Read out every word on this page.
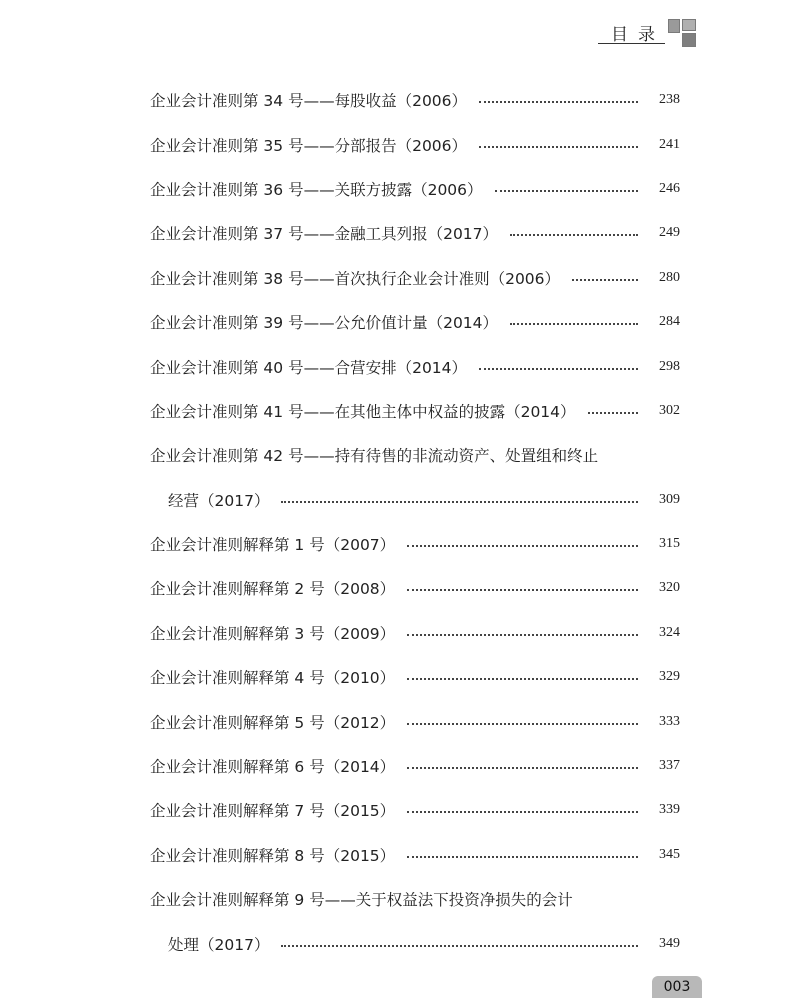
目录
企业会计准则第 34 号——每股收益（2006）	238
企业会计准则第 35 号——分部报告（2006）	241
企业会计准则第 36 号——关联方披露（2006）	246
企业会计准则第 37 号——金融工具列报（2017）	249
企业会计准则第 38 号——首次执行企业会计准则（2006）	280
企业会计准则第 39 号——公允价值计量（2014）	284
企业会计准则第 40 号——合营安排（2014）	298
企业会计准则第 41 号——在其他主体中权益的披露（2014）	302
企业会计准则第 42 号——持有待售的非流动资产、处置组和终止
经营（2017）	309
企业会计准则解释第 1 号（2007）	315
企业会计准则解释第 2 号（2008）	320
企业会计准则解释第 3 号（2009）	324
企业会计准则解释第 4 号（2010）	329
企业会计准则解释第 5 号（2012）	333
企业会计准则解释第 6 号（2014）	337
企业会计准则解释第 7 号（2015）	339
企业会计准则解释第 8 号（2015）	345
企业会计准则解释第 9 号——关于权益法下投资净损失的会计
处理（2017）	349
003
